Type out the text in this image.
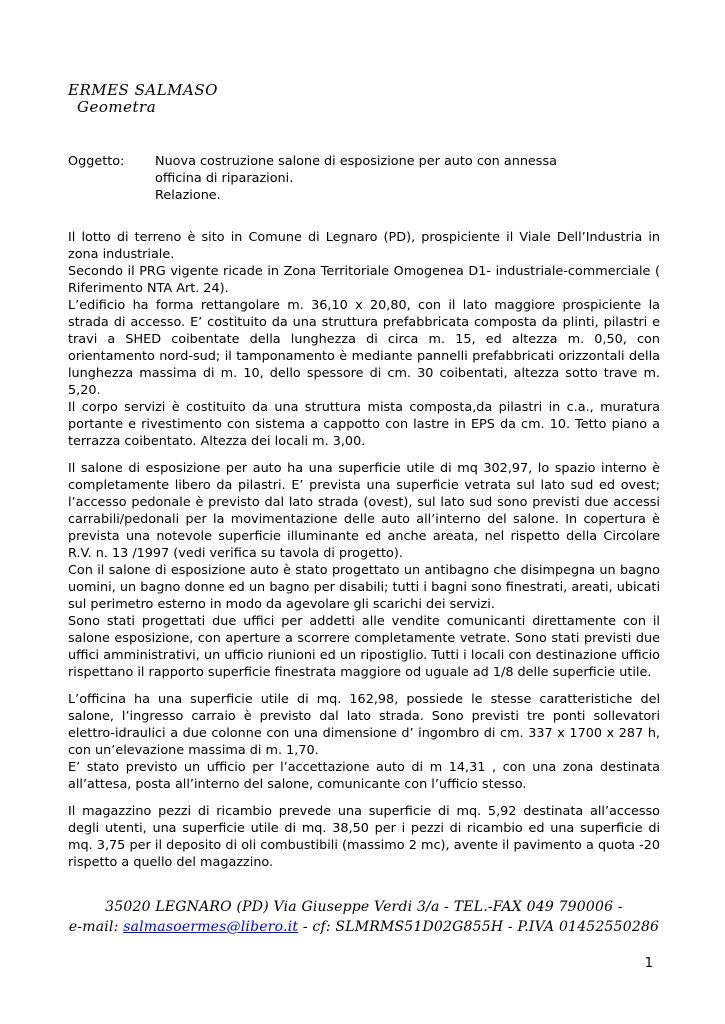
ERMES SALMASO
Geometra
Oggetto:	Nuova costruzione salone di esposizione per auto con annessa
officina di riparazioni.
Relazione.

Il lotto di terreno è sito in Comune di Legnaro (PD), prospiciente il Viale Dell’Industria in zona industriale.

Secondo il PRG vigente ricade in Zona Territoriale Omogenea D1- industriale-commerciale ( Riferimento NTA Art. 24).

L’edificio ha forma rettangolare m. 36,10 x 20,80, con il lato maggiore prospiciente la strada di accesso. E’ costituito da una struttura prefabbricata composta da plinti, pilastri e travi a SHED coibentate della lunghezza di circa m. 15, ed altezza m. 0,50, con orientamento nord-sud; il tamponamento è mediante pannelli prefabbricati orizzontali della lunghezza massima di m. 10, dello spessore di cm. 30 coibentati, altezza sotto trave m. 5,20.

Il corpo servizi è costituito da una struttura mista composta,da pilastri in c.a., muratura portante e rivestimento con sistema a cappotto con lastre in EPS da cm. 10. Tetto piano a terrazza coibentato. Altezza dei locali m. 3,00.

Il salone di esposizione per auto ha una superficie utile di mq 302,97, lo spazio interno è completamente libero da pilastri. E’ prevista una superficie vetrata sul lato sud ed ovest; l’accesso pedonale è previsto dal lato strada (ovest), sul lato sud sono previsti due accessi carrabili/pedonali per la movimentazione delle auto all’interno del salone. In copertura è prevista una notevole superficie illuminante ed anche areata, nel rispetto della Circolare R.V. n. 13 /1997 (vedi verifica su tavola di progetto).

Con il salone di esposizione auto è stato progettato un antibagno che disimpegna un bagno uomini, un bagno donne ed un bagno per disabili; tutti i bagni sono finestrati, areati, ubicati sul perimetro esterno in modo da agevolare gli scarichi dei servizi.

Sono stati progettati due uffici per addetti alle vendite comunicanti direttamente con il salone esposizione, con aperture a scorrere completamente vetrate. Sono stati previsti due uffici amministrativi, un ufficio riunioni ed un ripostiglio. Tutti i locali con destinazione ufficio rispettano il rapporto superficie finestrata maggiore od uguale ad 1/8 delle superficie utile.

L’officina ha una superficie utile di mq. 162,98, possiede le stesse caratteristiche del salone, l’ingresso carraio è previsto dal lato strada. Sono previsti tre ponti sollevatori elettro-idraulici a due colonne con una dimensione d’ ingombro di cm. 337 x 1700 x 287 h, con un’elevazione massima di m. 1,70.

E’ stato previsto un ufficio per l’accettazione auto di m 14,31 , con una zona destinata all’attesa, posta all’interno del salone, comunicante con l’ufficio stesso.

Il magazzino pezzi di ricambio prevede una superficie di mq. 5,92 destinata all’accesso degli utenti, una superficie utile di mq. 38,50 per i pezzi di ricambio ed una superficie di mq. 3,75 per il deposito di oli combustibili (massimo 2 mc), avente il pavimento a quota -20 rispetto a quello del magazzino.

35020 LEGNARO (PD) Via Giuseppe Verdi 3/a - TEL.-FAX 049 790006 -
e-mail: salmasoermes@libero.it - cf: SLMRMS51D02G855H - P.IVA 01452550286
1
